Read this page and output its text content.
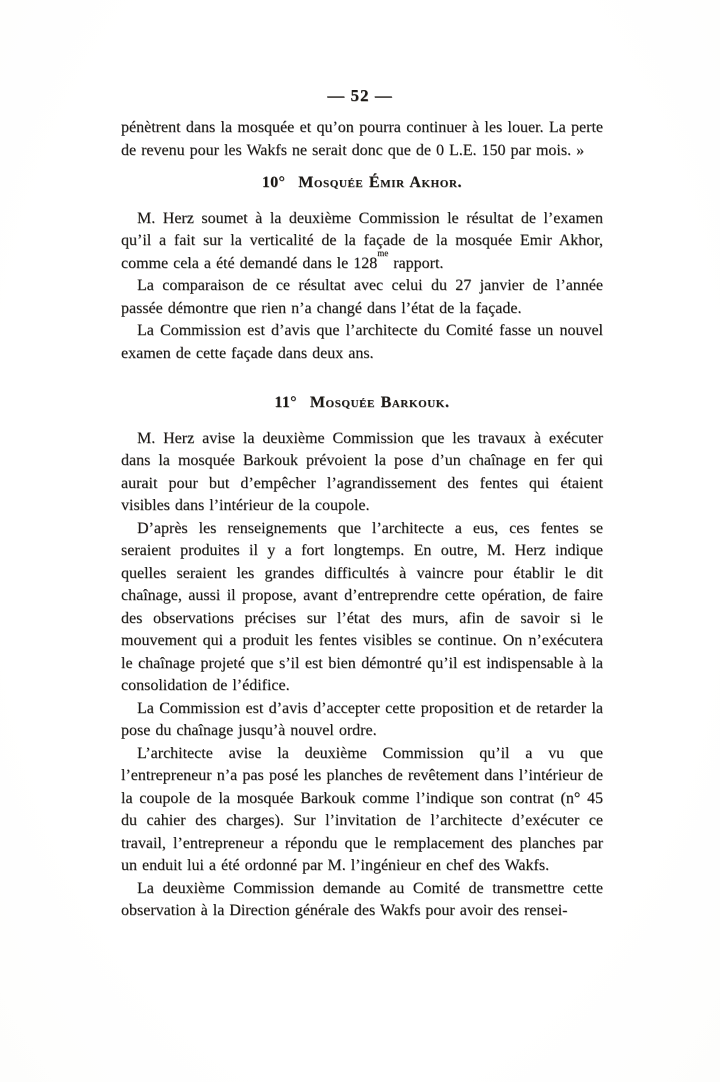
— 52 —

pénètrent dans la mosquée et qu’on pourra continuer à les louer. La perte de revenu pour les Wakfs ne serait donc que de 0 L.E. 150 par mois. »

10° Mosquée Émir Akhor.

M. Herz soumet à la deuxième Commission le résultat de l’examen qu’il a fait sur la verticalité de la façade de la mosquée Emir Akhor, comme cela a été demandé dans le $128^{me}$ rapport.

La comparaison de ce résultat avec celui du 27 janvier de l’année passée démontre que rien n’a changé dans l’état de la façade.

La Commission est d’avis que l’architecte du Comité fasse un nouvel examen de cette façade dans deux ans.

11° Mosquée Barkouk.

M. Herz avise la deuxième Commission que les travaux à exécuter dans la mosquée Barkouk prévoient la pose d’un chaînage en fer qui aurait pour but d’empêcher l’agrandissement des fentes qui étaient visibles dans l’intérieur de la coupole.

D’après les renseignements que l’architecte a eus, ces fentes se seraient produites il y a fort longtemps. En outre, M. Herz indique quelles seraient les grandes difficultés à vaincre pour établir le dit chaînage, aussi il propose, avant d’entreprendre cette opération, de faire des observations précises sur l’état des murs, afin de savoir si le mouvement qui a produit les fentes visibles se continue. On n’exécutera le chaînage projeté que s’il est bien démontré qu’il est indispensable à la consolidation de l’édifice.

La Commission est d’avis d’accepter cette proposition et de retarder la pose du chaînage jusqu’à nouvel ordre.

L’architecte avise la deuxième Commission qu’il a vu que l’entrepreneur n’a pas posé les planches de revêtement dans l’intérieur de la coupole de la mosquée Barkouk comme l’indique son contrat (n° 45 du cahier des charges). Sur l’invitation de l’architecte d’exécuter ce travail, l’entrepreneur a répondu que le remplacement des planches par un enduit lui a été ordonné par M. l’ingénieur en chef des Wakfs.

La deuxième Commission demande au Comité de transmettre cette observation à la Direction générale des Wakfs pour avoir des rensei-
